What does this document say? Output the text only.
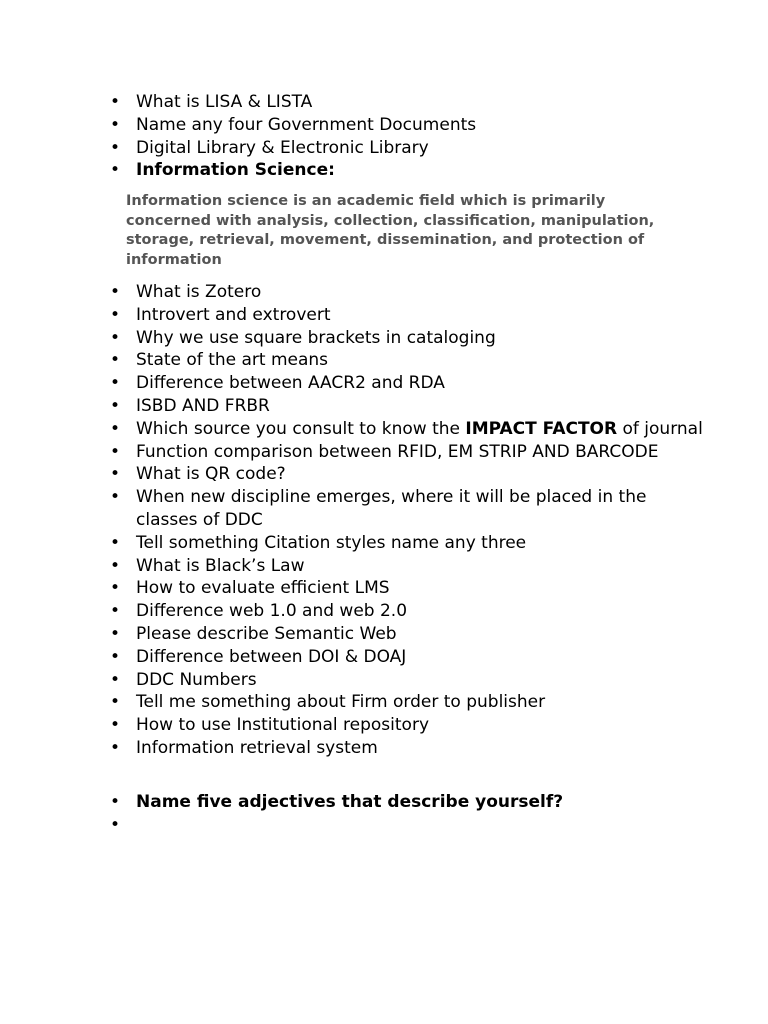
• What is LISA & LISTA
• Name any four Government Documents
• Digital Library & Electronic Library
• Information Science:
Information science is an academic field which is primarily concerned with analysis, collection, classification, manipulation, storage, retrieval, movement, dissemination, and protection of information
• What is Zotero
• Introvert and extrovert
• Why we use square brackets in cataloging
• State of the art means
• Difference between AACR2 and RDA
• ISBD AND FRBR
• Which source you consult to know the IMPACT FACTOR of journal
• Function comparison between RFID, EM STRIP AND BARCODE
• What is QR code?
• When new discipline emerges, where it will be placed in the classes of DDC
• Tell something Citation styles name any three
• What is Black’s Law
• How to evaluate efficient LMS
• Difference web 1.0 and web 2.0
• Please describe Semantic Web
• Difference between DOI & DOAJ
• DDC Numbers
• Tell me something about Firm order to publisher
• How to use Institutional repository
• Information retrieval system
• Name five adjectives that describe yourself?
•
